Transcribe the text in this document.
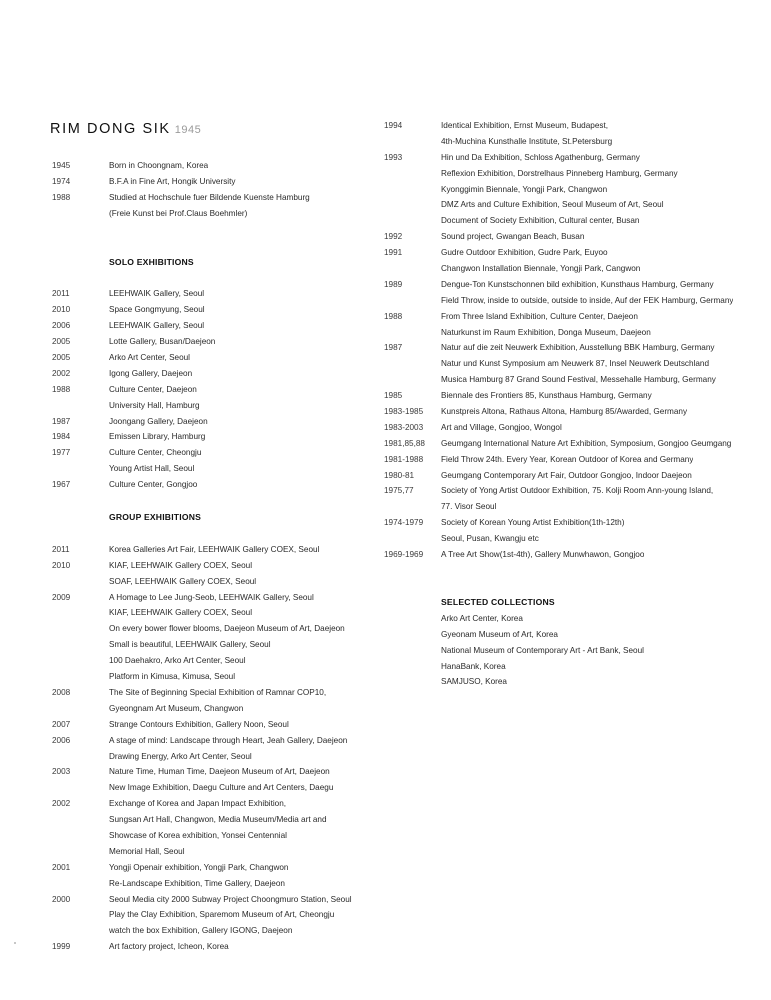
RIM DONG SIK 1945
1945	Born in Choongnam, Korea
1974	B.F.A in Fine Art, Hongik University
1988	Studied at Hochschule fuer Bildende Kuenste Hamburg
(Freie Kunst bei Prof.Claus Boehmler)
SOLO EXHIBITIONS
2011	LEEHWAIK Gallery, Seoul
2010	Space Gongmyung, Seoul
2006	LEEHWAIK Gallery, Seoul
2005	Lotte Gallery, Busan/Daejeon
2005	Arko Art Center, Seoul
2002	Igong Gallery, Daejeon
1988	Culture Center, Daejeon
University Hall, Hamburg
1987	Joongang Gallery, Daejeon
1984	Emissen Library, Hamburg
1977	Culture Center, Cheongju
Young Artist Hall, Seoul
1967	Culture Center, Gongjoo
GROUP EXHIBITIONS
2011	Korea Galleries Art Fair, LEEHWAIK Gallery COEX, Seoul
2010	KIAF, LEEHWAIK Gallery COEX, Seoul
SOAF, LEEHWAIK Gallery COEX, Seoul
2009	A Homage to Lee Jung-Seob, LEEHWAIK Gallery, Seoul
KIAF, LEEHWAIK Gallery COEX, Seoul
On every bower flower blooms, Daejeon Museum of Art, Daejeon
Small is beautiful, LEEHWAIK Gallery, Seoul
100 Daehakro, Arko Art Center, Seoul
Platform in Kimusa, Kimusa, Seoul
2008	The Site of Beginning Special Exhibition of Ramnar COP10,
Gyeongnam Art Museum, Changwon
2007	Strange Contours Exhibition, Gallery Noon, Seoul
2006	A stage of mind: Landscape through Heart, Jeah Gallery, Daejeon
Drawing Energy, Arko Art Center, Seoul
2003	Nature Time, Human Time, Daejeon Museum of Art, Daejeon
New Image Exhibition, Daegu Culture and Art Centers, Daegu
2002	Exchange of Korea and Japan Impact Exhibition,
Sungsan Art Hall, Changwon, Media Museum/Media art and
Showcase of Korea exhibition, Yonsei Centennial
Memorial Hall, Seoul
2001	Yongji Openair exhibition, Yongji Park, Changwon
Re-Landscape Exhibition, Time Gallery, Daejeon
2000	Seoul Media city 2000 Subway Project Choongmuro Station, Seoul
Play the Clay Exhibition, Sparemom Museum of Art, Cheongju
watch the box Exhibition, Gallery IGONG, Daejeon
1999	Art factory project, Icheon, Korea
1994	Identical Exhibition, Ernst Museum, Budapest,
4th-Muchina Kunsthalle Institute, St.Petersburg
1993	Hin und Da Exhibition, Schloss Agathenburg, Germany
Reflexion Exhibition, Dorstrelhaus Pinneberg Hamburg, Germany
Kyonggimin Biennale, Yongji Park, Changwon
DMZ Arts and Culture Exhibition, Seoul Museum of Art, Seoul
Document of Society Exhibition, Cultural center, Busan
1992	Sound project, Gwangan Beach, Busan
1991	Gudre Outdoor Exhibition, Gudre Park, Euyoo
Changwon Installation Biennale, Yongji Park, Cangwon
1989	Dengue-Ton Kunstschonnen bild exhibition, Kunsthaus Hamburg, Germany
Field Throw, inside to outside, outside to inside, Auf der FEK Hamburg, Germany
1988	From Three Island Exhibition, Culture Center, Daejeon
Naturkunst im Raum Exhibition, Donga Museum, Daejeon
1987	Natur auf die zeit Neuwerk Exhibition, Ausstellung BBK Hamburg, Germany
Natur und Kunst Symposium am Neuwerk 87, Insel Neuwerk Deutschland
Musica Hamburg 87 Grand Sound Festival, Messehalle Hamburg, Germany
1985	Biennale des Frontiers 85, Kunsthaus Hamburg, Germany
1983-1985	Kunstpreis Altona, Rathaus Altona, Hamburg 85/Awarded, Germany
1983-2003	Art and Village, Gongjoo, Wongol
1981,85,88	Geumgang International Nature Art Exhibition, Symposium, Gongjoo Geumgang
1981-1988	Field Throw 24th. Every Year, Korean Outdoor of Korea and Germany
1980-81	Geumgang Contemporary Art Fair, Outdoor Gongjoo, Indoor Daejeon
1975,77	Society of Yong Artist Outdoor Exhibition, 75. Kolji Room Ann-young Island,
77. Visor Seoul
1974-1979	Society of Korean Young Artist Exhibition(1th-12th)
Seoul, Pusan, Kwangju etc
1969-1969	A Tree Art Show(1st-4th), Gallery Munwhawon, Gongjoo
SELECTED COLLECTIONS
Arko Art Center, Korea
Gyeonam Museum of Art, Korea
National Museum of Contemporary Art - Art Bank, Seoul
HanaBank, Korea
SAMJUSO, Korea
